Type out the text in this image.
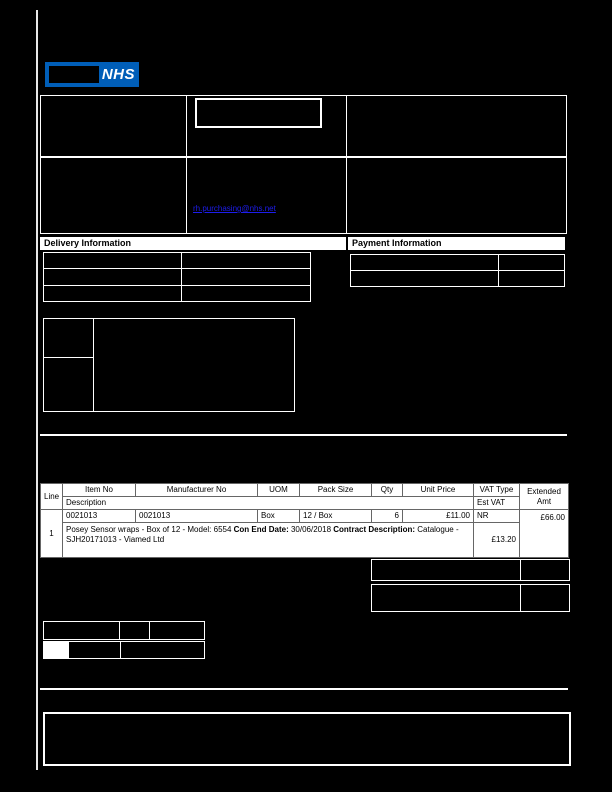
NHS
rh.purchasing@nhs.net
Delivery Information	Payment Information
Line	Item No	Manufacturer No	UOM	Pack Size	Qty	Unit Price	VAT Type	Extended Amt
	Description						Est VAT	
1	0021013	0021013	Box	12 / Box	6	£11.00	NR	£66.00
	Posey Sensor wraps - Box of 12 - Model: 6554 Con End Date: 30/06/2018 Contract Description: Catalogue - SJH20171013 - Viamed Ltd						£13.20	
